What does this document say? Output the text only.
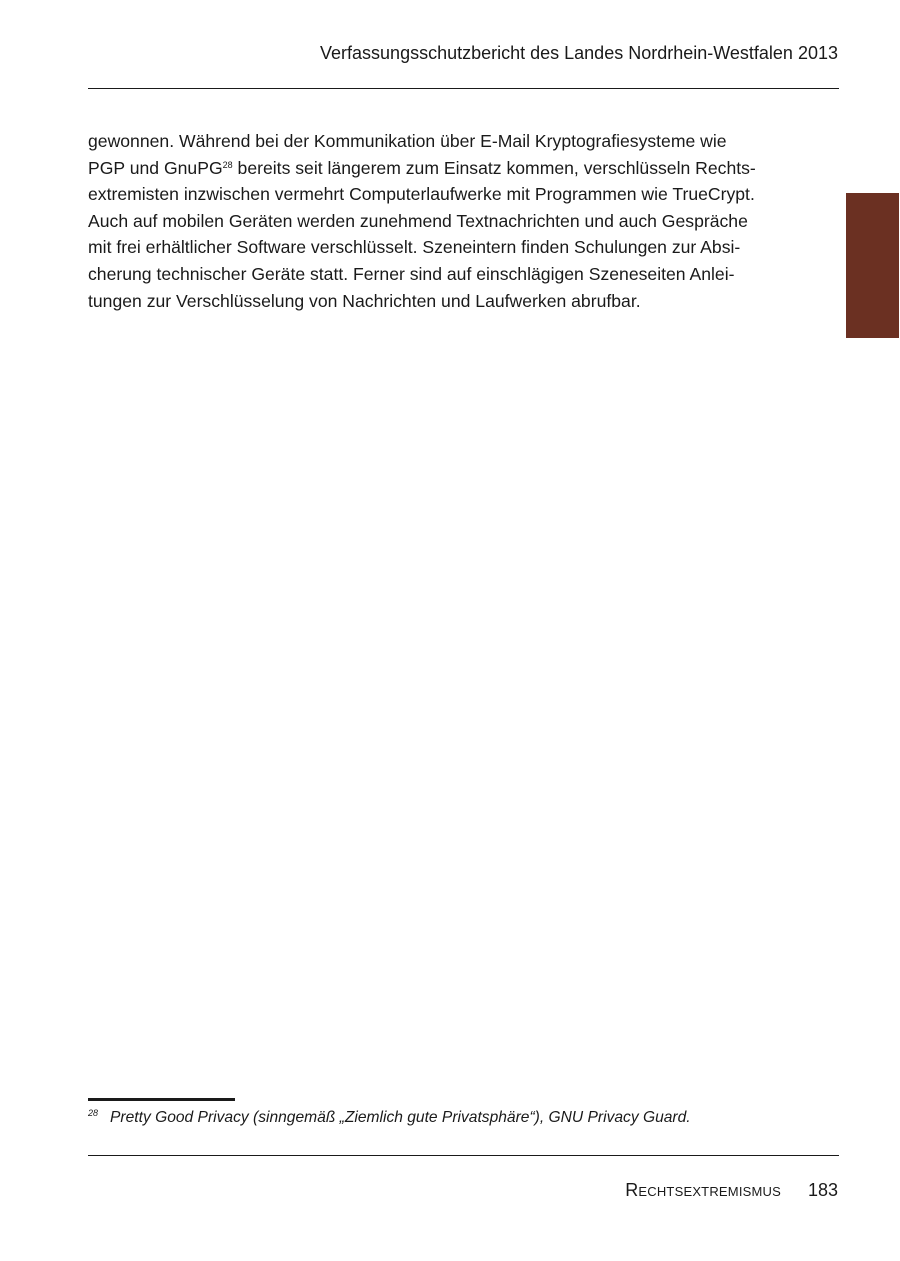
Verfassungsschutzbericht des Landes Nordrhein-Westfalen 2013
gewonnen. Während bei der Kommunikation über E-Mail Kryptografiesysteme wie
PGP und GnuPG$^{28}$ bereits seit längerem zum Einsatz kommen, verschlüsseln Rechts-
extremisten inzwischen vermehrt Computerlaufwerke mit Programmen wie TrueCrypt.
Auch auf mobilen Geräten werden zunehmend Textnachrichten und auch Gespräche
mit frei erhältlicher Software verschlüsselt. Szeneintern finden Schulungen zur Absi-
cherung technischer Geräte statt. Ferner sind auf einschlägigen Szeneseiten Anlei-
tungen zur Verschlüsselung von Nachrichten und Laufwerken abrufbar.
$^{28}$ Pretty Good Privacy (sinngemäß „Ziemlich gute Privatsphäre“), GNU Privacy Guard.
Rechtsextremismus 183
